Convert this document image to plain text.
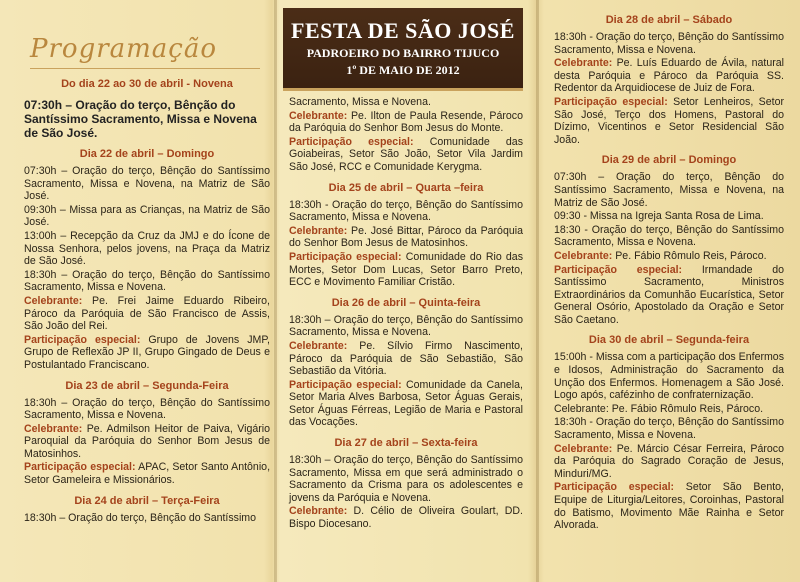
Programação
Do dia 22 ao 30 de abril - Novena
07:30h – Oração do terço, Bênção do Santíssimo Sacramento, Missa e Novena de São José.
Dia 22 de abril – Domingo
07:30h – Oração do terço, Bênção do Santíssimo Sacramento, Missa e Novena, na Matriz de São José.
09:30h – Missa para as Crianças, na Matriz de São José.
13:00h – Recepção da Cruz da JMJ e do Ícone de Nossa Senhora, pelos jovens, na Praça da Matriz de São José.
18:30h – Oração do terço, Bênção do Santíssimo Sacramento, Missa e Novena.
Celebrante: Pe. Frei Jaime Eduardo Ribeiro, Pároco da Paróquia de São Francisco de Assis, São João del Rei.
Participação especial: Grupo de Jovens JMP, Grupo de Reflexão JP II, Grupo Gingado de Deus e Postulantado Franciscano.
Dia 23 de abril – Segunda-Feira
18:30h – Oração do terço, Bênção do Santíssimo Sacramento, Missa e Novena.
Celebrante: Pe. Admilson Heitor de Paiva, Vigário Paroquial da Paróquia do Senhor Bom Jesus de Matosinhos.
Participação especial: APAC, Setor Santo Antônio, Setor Gameleira e Missionários.
Dia 24 de abril – Terça-Feira
18:30h – Oração do terço, Bênção do Santíssimo
FESTA DE SÃO JOSÉ
PADROEIRO DO BAIRRO TIJUCO
1º DE MAIO DE 2012
Sacramento, Missa e Novena.
Celebrante: Pe. Ilton de Paula Resende, Pároco da Paróquia do Senhor Bom Jesus do Monte.
Participação especial: Comunidade das Goiabeiras, Setor São João, Setor Vila Jardim São José, RCC e Comunidade Kerygma.
Dia 25 de abril – Quarta –feira
18:30h - Oração do terço, Bênção do Santíssimo Sacramento, Missa e Novena.
Celebrante: Pe. José Bittar, Pároco da Paróquia do Senhor Bom Jesus de Matosinhos.
Participação especial: Comunidade do Rio das Mortes, Setor Dom Lucas, Setor Barro Preto, ECC e Movimento Familiar Cristão.
Dia 26 de abril – Quinta-feira
18:30h – Oração do terço, Bênção do Santíssimo Sacramento, Missa e Novena.
Celebrante: Pe. Sílvio Firmo Nascimento, Pároco da Paróquia de São Sebastião, São Sebastião da Vitória.
Participação especial: Comunidade da Canela, Setor Maria Alves Barbosa, Setor Águas Gerais, Setor Águas Férreas, Legião de Maria e Pastoral das Vocações.
Dia 27 de abril – Sexta-feira
18:30h – Oração do terço, Bênção do Santíssimo Sacramento, Missa em que será administrado o Sacramento da Crisma para os adolescentes e jovens da Paróquia e Novena.
Celebrante: D. Célio de Oliveira Goulart, DD. Bispo Diocesano.
Dia 28 de abril – Sábado
18:30h - Oração do terço, Bênção do Santíssimo Sacramento, Missa e Novena.
Celebrante: Pe. Luís Eduardo de Ávila, natural desta Paróquia e Pároco da Paróquia SS. Redentor da Arquidiocese de Juiz de Fora.
Participação especial: Setor Lenheiros, Setor São José, Terço dos Homens, Pastoral do Dízimo, Vicentinos e Setor Residencial São João.
Dia 29 de abril – Domingo
07:30h – Oração do terço, Bênção do Santíssimo Sacramento, Missa e Novena, na Matriz de São José.
09:30 - Missa na Igreja Santa Rosa de Lima.
18:30 - Oração do terço, Bênção do Santíssimo Sacramento, Missa e Novena.
Celebrante: Pe. Fábio Rômulo Reis, Pároco.
Participação especial: Irmandade do Santíssimo Sacramento, Ministros Extraordinários da Comunhão Eucarística, Setor General Osório, Apostolado da Oração e Setor São Caetano.
Dia 30 de abril – Segunda-feira
15:00h - Missa com a participação dos Enfermos e Idosos, Administração do Sacramento da Unção dos Enfermos. Homenagem a São José. Logo após, cafézinho de confraternização.
Celebrante: Pe. Fábio Rômulo Reis, Pároco.
18:30h - Oração do terço, Bênção do Santíssimo Sacramento, Missa e Novena.
Celebrante: Pe. Márcio César Ferreira, Pároco da Paróquia do Sagrado Coração de Jesus, Minduri/MG.
Participação especial: Setor São Bento, Equipe de Liturgia/Leitores, Coroinhas, Pastoral do Batismo, Movimento Mãe Rainha e Setor Alvorada.
